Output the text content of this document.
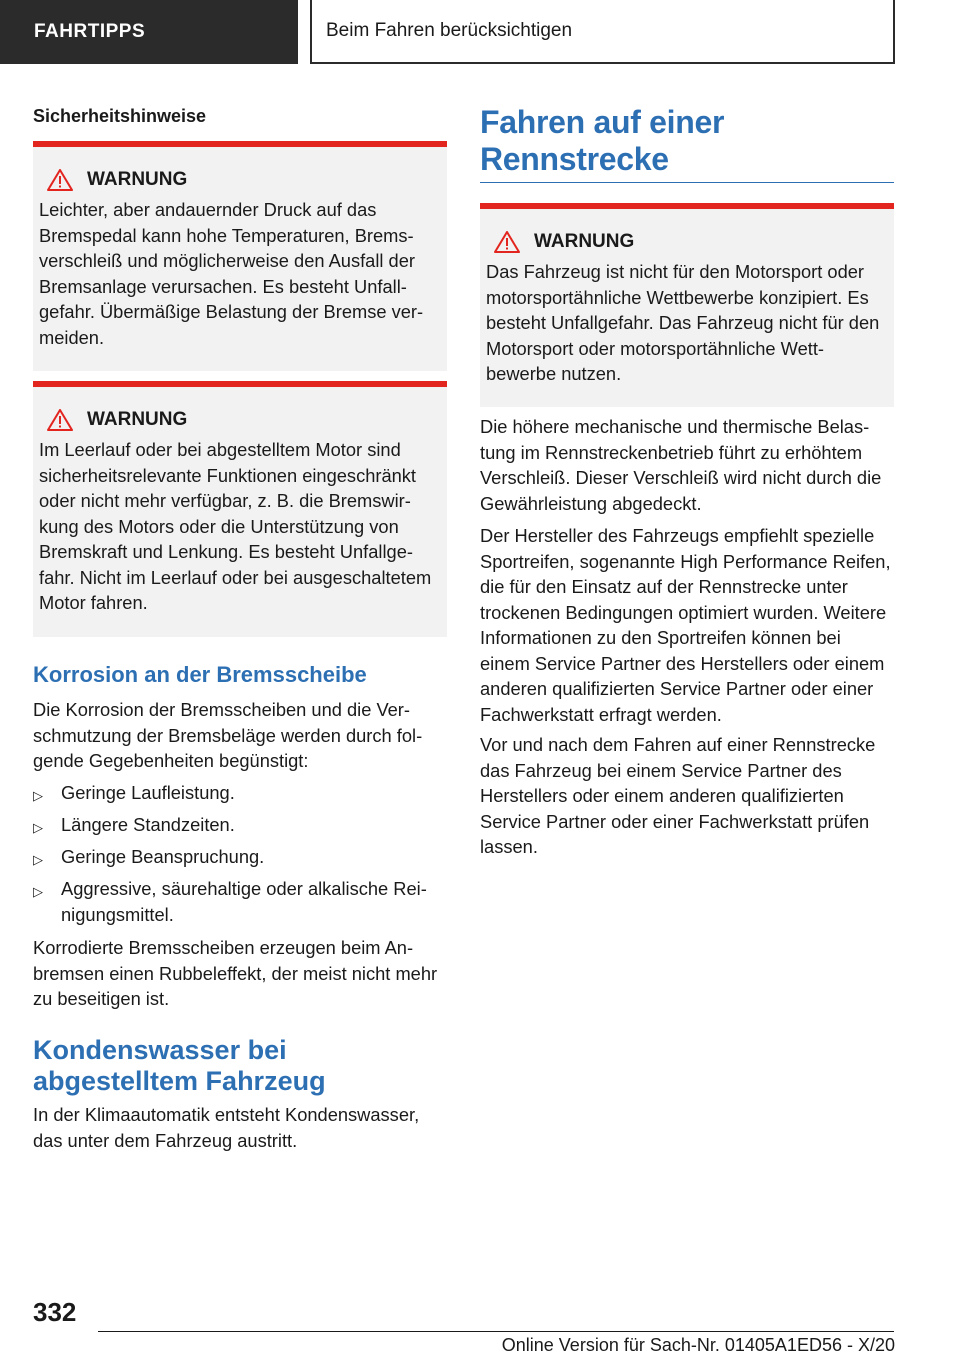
FAHRTIPPS	Beim Fahren berücksichtigen
Sicherheitshinweise
WARNUNG
Leichter, aber andauernder Druck auf das Bremspedal kann hohe Temperaturen, Bremsverschleiß und möglicherweise den Ausfall der Bremsanlage verursachen. Es besteht Unfallgefahr. Übermäßige Belastung der Bremse vermeiden.
WARNUNG
Im Leerlauf oder bei abgestelltem Motor sind sicherheitsrelevante Funktionen eingeschränkt oder nicht mehr verfügbar, z. B. die Bremswirkung des Motors oder die Unterstützung von Bremskraft und Lenkung. Es besteht Unfallgefahr. Nicht im Leerlauf oder bei ausgeschaltetem Motor fahren.
Korrosion an der Bremsscheibe
Die Korrosion der Bremsscheiben und die Verschmutzung der Bremsbeläge werden durch folgende Gegebenheiten begünstigt:
▷ Geringe Laufleistung.
▷ Längere Standzeiten.
▷ Geringe Beanspruchung.
▷ Aggressive, säurehaltige oder alkalische Reinigungsmittel.
Korrodierte Bremsscheiben erzeugen beim Anbremsen einen Rubbeleffekt, der meist nicht mehr zu beseitigen ist.
Kondenswasser bei abgestelltem Fahrzeug
In der Klimaautomatik entsteht Kondenswasser, das unter dem Fahrzeug austritt.
Fahren auf einer Rennstrecke
WARNUNG
Das Fahrzeug ist nicht für den Motorsport oder motorsportähnliche Wettbewerbe konzipiert. Es besteht Unfallgefahr. Das Fahrzeug nicht für den Motorsport oder motorsportähnliche Wettbewerbe nutzen.
Die höhere mechanische und thermische Belastung im Rennstreckenbetrieb führt zu erhöhtem Verschleiß. Dieser Verschleiß wird nicht durch die Gewährleistung abgedeckt.
Der Hersteller des Fahrzeugs empfiehlt spezielle Sportreifen, sogenannte High Performance Reifen, die für den Einsatz auf der Rennstrecke unter trockenen Bedingungen optimiert wurden. Weitere Informationen zu den Sportreifen können bei einem Service Partner des Herstellers oder einem anderen qualifizierten Service Partner oder einer Fachwerkstatt erfragt werden.
Vor und nach dem Fahren auf einer Rennstrecke das Fahrzeug bei einem Service Partner des Herstellers oder einem anderen qualifizierten Service Partner oder einer Fachwerkstatt prüfen lassen.
332
Online Version für Sach-Nr. 01405A1ED56 - X/20
